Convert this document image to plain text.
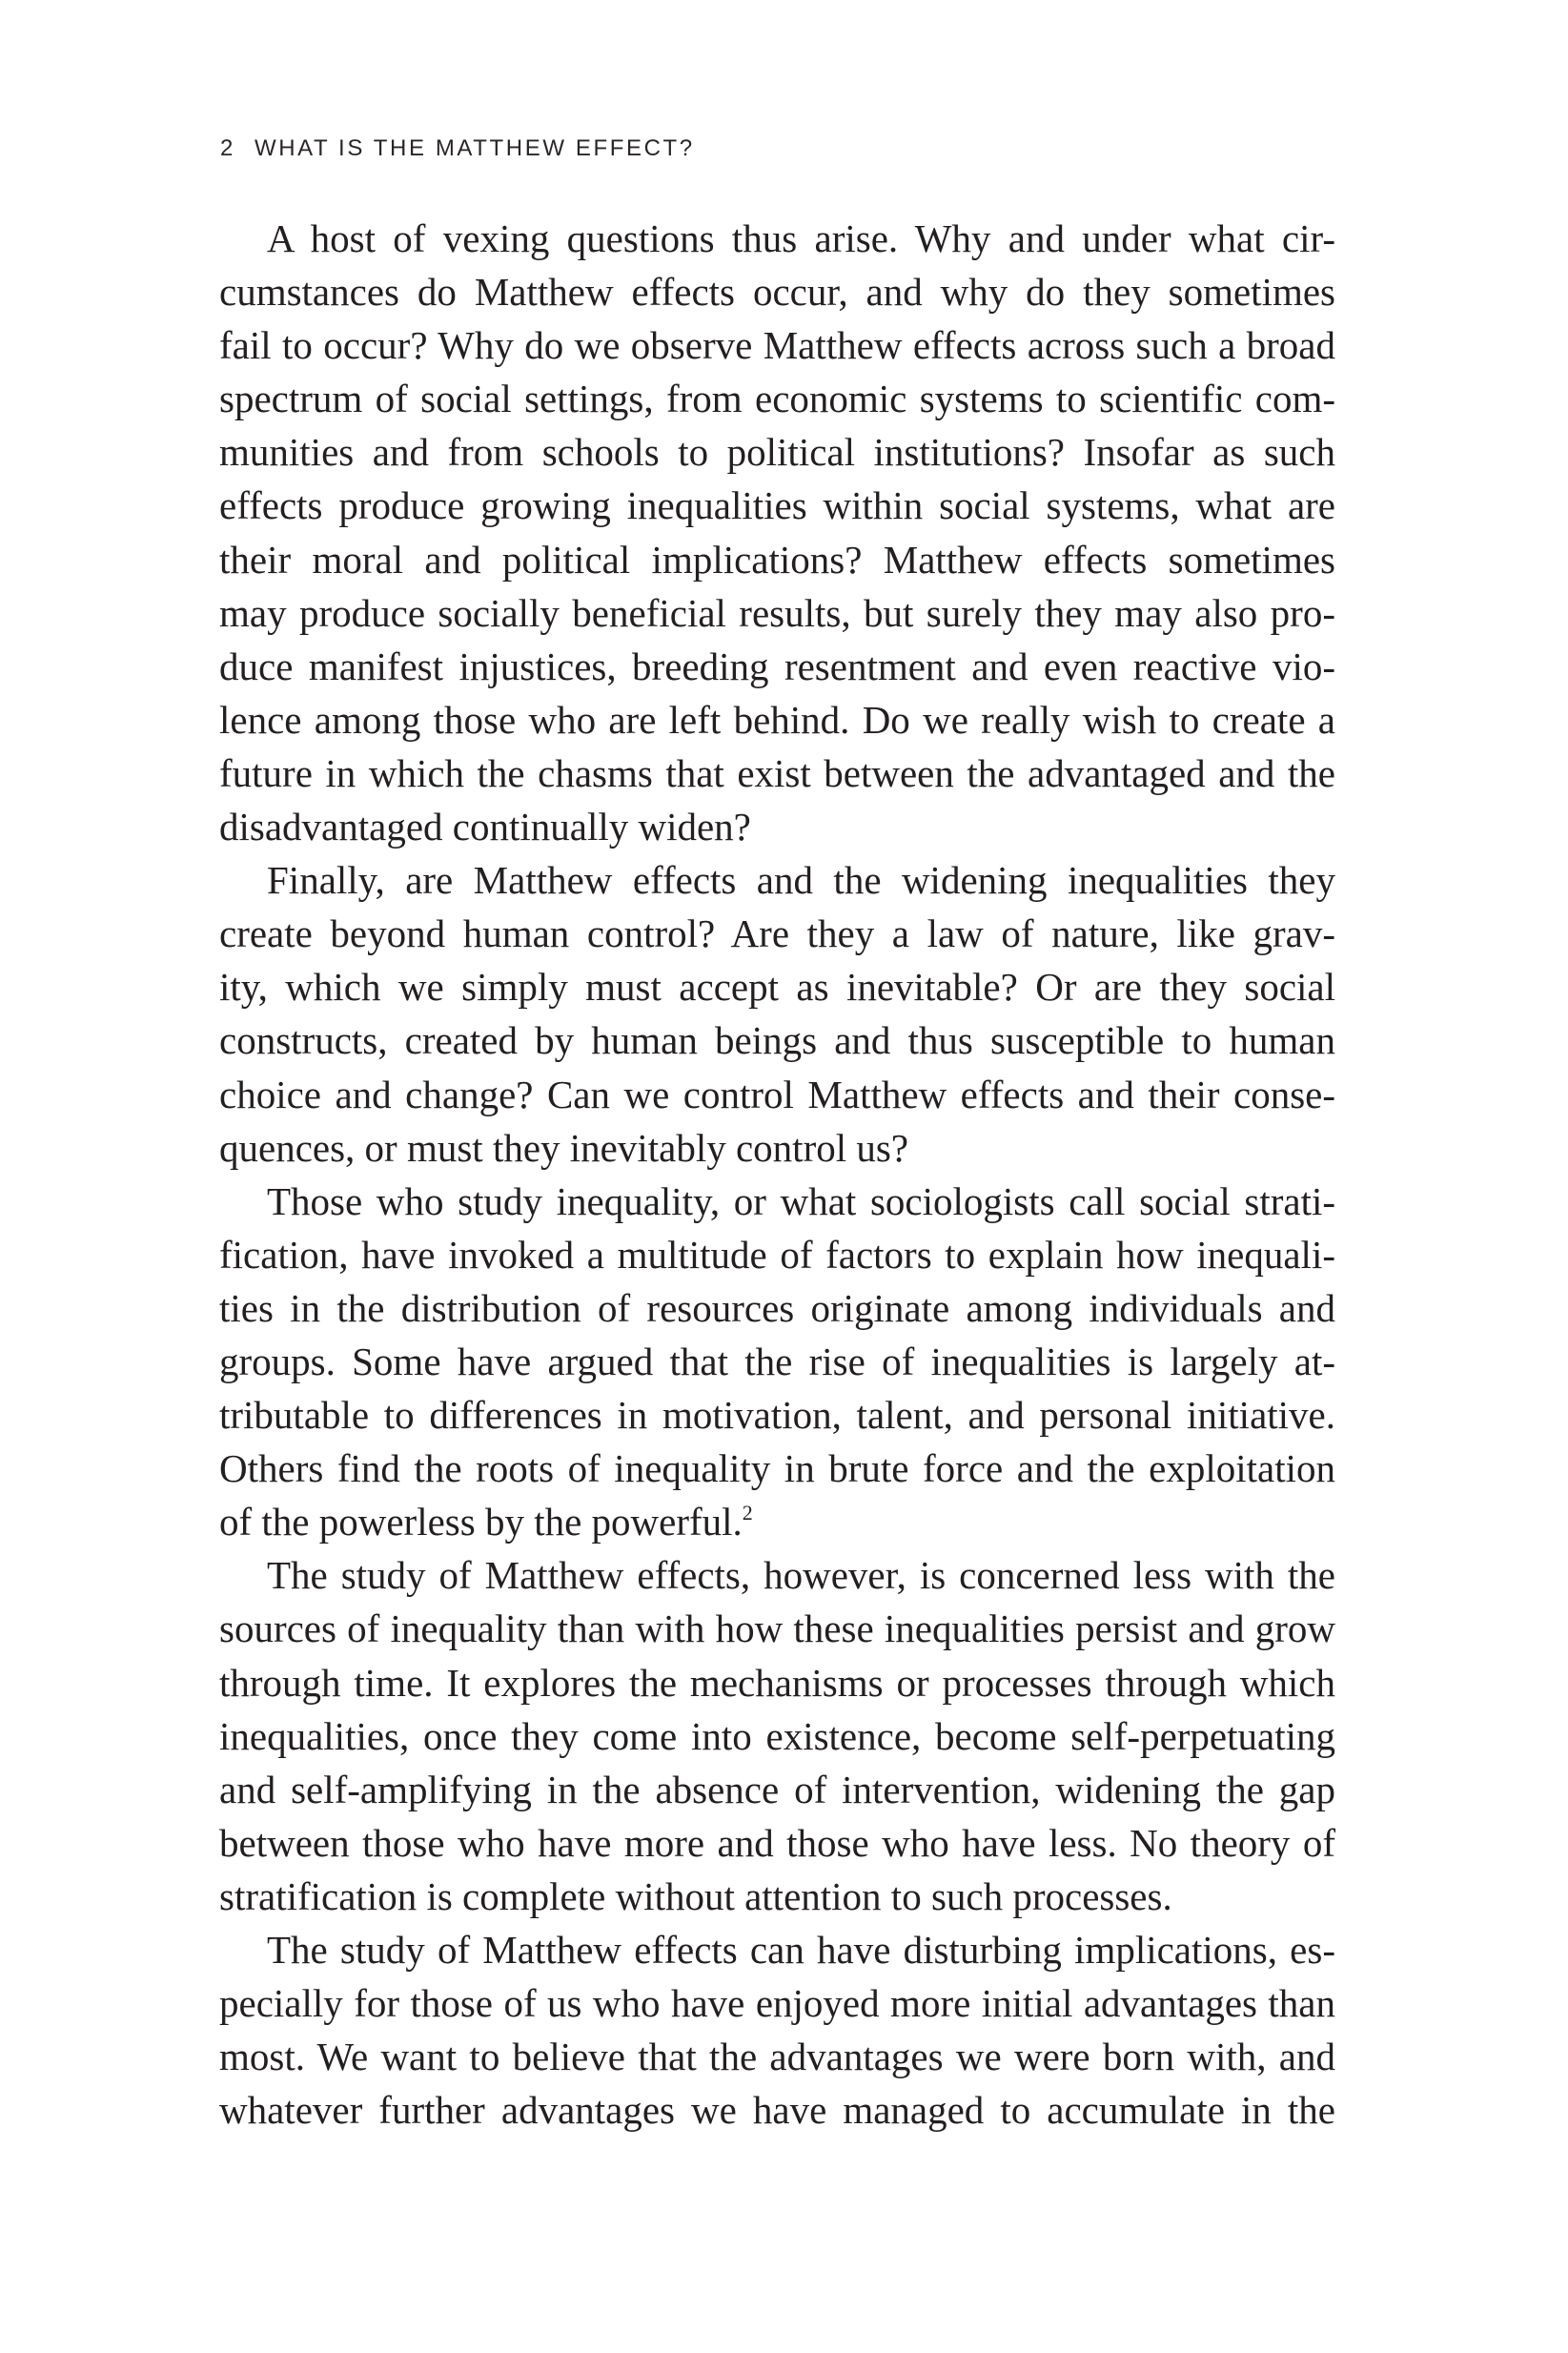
2 WHAT IS THE MATTHEW EFFECT?
A host of vexing questions thus arise. Why and under what cir-
cumstances do Matthew effects occur, and why do they sometimes
fail to occur? Why do we observe Matthew effects across such a broad
spectrum of social settings, from economic systems to scientific com-
munities and from schools to political institutions? Insofar as such
effects produce growing inequalities within social systems, what are
their moral and political implications? Matthew effects sometimes
may produce socially beneficial results, but surely they may also pro-
duce manifest injustices, breeding resentment and even reactive vio-
lence among those who are left behind. Do we really wish to create a
future in which the chasms that exist between the advantaged and the
disadvantaged continually widen?
Finally, are Matthew effects and the widening inequalities they
create beyond human control? Are they a law of nature, like grav-
ity, which we simply must accept as inevitable? Or are they social
constructs, created by human beings and thus susceptible to human
choice and change? Can we control Matthew effects and their conse-
quences, or must they inevitably control us?
Those who study inequality, or what sociologists call social strati-
fication, have invoked a multitude of factors to explain how inequali-
ties in the distribution of resources originate among individuals and
groups. Some have argued that the rise of inequalities is largely at-
tributable to differences in motivation, talent, and personal initiative.
Others find the roots of inequality in brute force and the exploitation
of the powerless by the powerful.$^2$
The study of Matthew effects, however, is concerned less with the
sources of inequality than with how these inequalities persist and grow
through time. It explores the mechanisms or processes through which
inequalities, once they come into existence, become self-perpetuating
and self-amplifying in the absence of intervention, widening the gap
between those who have more and those who have less. No theory of
stratification is complete without attention to such processes.
The study of Matthew effects can have disturbing implications, es-
pecially for those of us who have enjoyed more initial advantages than
most. We want to believe that the advantages we were born with, and
whatever further advantages we have managed to accumulate in the
